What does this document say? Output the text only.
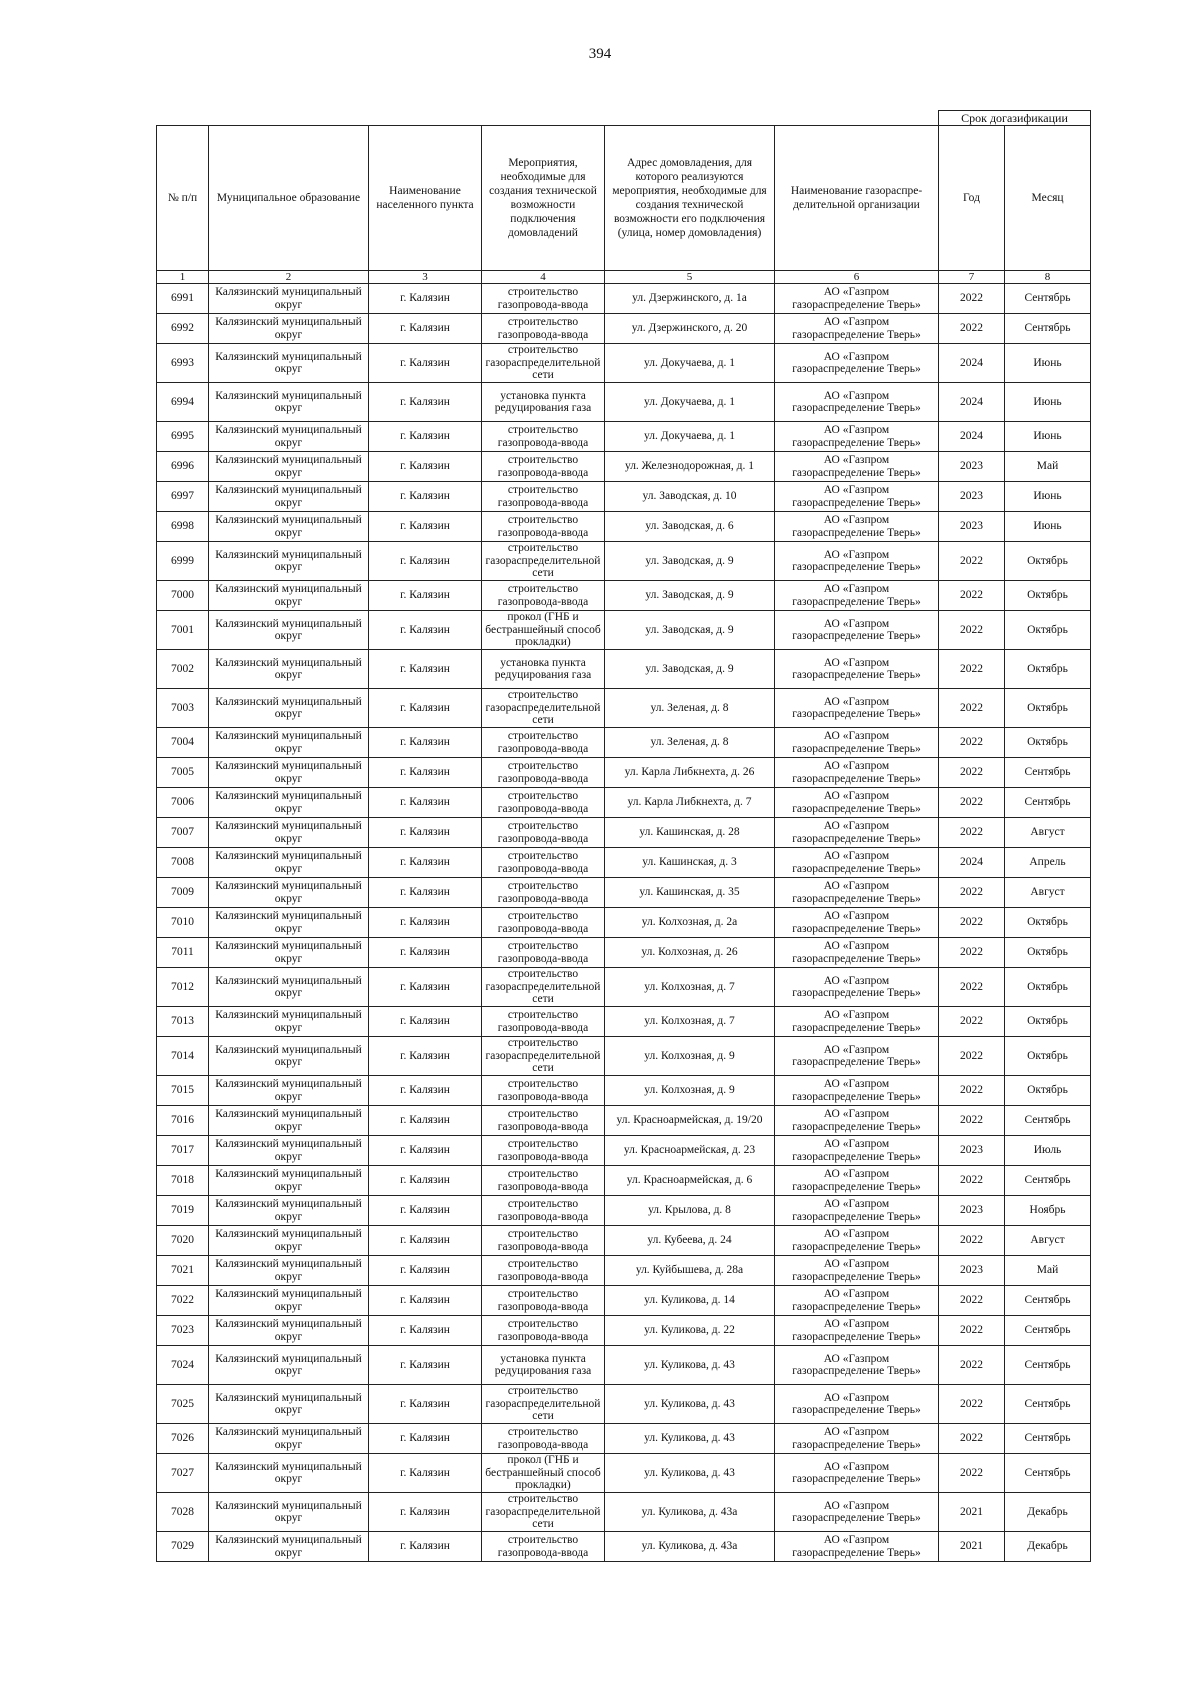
394
						Срок догазификации	
№ п/п	Муниципальное образование	Наименование населенного пункта	Мероприятия, необходимые для создания технической возможности подключения домовладений	Адрес домовладения, для которого реализуются мероприятия, необходимые для создания технической возможности его подключения (улица, номер домовладения)	Наименование газораспре-делительной организации	Год	Месяц
1	2	3	4	5	6	7	8
6991	Калязинский муниципальный округ	г. Калязин	строительство газопровода-ввода	ул. Дзержинского, д. 1а	АО «Газпром газораспределение Тверь»	2022	Сентябрь
6992	Калязинский муниципальный округ	г. Калязин	строительство газопровода-ввода	ул. Дзержинского, д. 20	АО «Газпром газораспределение Тверь»	2022	Сентябрь
6993	Калязинский муниципальный округ	г. Калязин	строительство газораспределительной сети	ул. Докучаева, д. 1	АО «Газпром газораспределение Тверь»	2024	Июнь
6994	Калязинский муниципальный округ	г. Калязин	установка пункта редуцирования газа	ул. Докучаева, д. 1	АО «Газпром газораспределение Тверь»	2024	Июнь
6995	Калязинский муниципальный округ	г. Калязин	строительство газопровода-ввода	ул. Докучаева, д. 1	АО «Газпром газораспределение Тверь»	2024	Июнь
6996	Калязинский муниципальный округ	г. Калязин	строительство газопровода-ввода	ул. Железнодорожная, д. 1	АО «Газпром газораспределение Тверь»	2023	Май
6997	Калязинский муниципальный округ	г. Калязин	строительство газопровода-ввода	ул. Заводская, д. 10	АО «Газпром газораспределение Тверь»	2023	Июнь
6998	Калязинский муниципальный округ	г. Калязин	строительство газопровода-ввода	ул. Заводская, д. 6	АО «Газпром газораспределение Тверь»	2023	Июнь
6999	Калязинский муниципальный округ	г. Калязин	строительство газораспределительной сети	ул. Заводская, д. 9	АО «Газпром газораспределение Тверь»	2022	Октябрь
7000	Калязинский муниципальный округ	г. Калязин	строительство газопровода-ввода	ул. Заводская, д. 9	АО «Газпром газораспределение Тверь»	2022	Октябрь
7001	Калязинский муниципальный округ	г. Калязин	прокол (ГНБ и бестраншейный способ прокладки)	ул. Заводская, д. 9	АО «Газпром газораспределение Тверь»	2022	Октябрь
7002	Калязинский муниципальный округ	г. Калязин	установка пункта редуцирования газа	ул. Заводская, д. 9	АО «Газпром газораспределение Тверь»	2022	Октябрь
7003	Калязинский муниципальный округ	г. Калязин	строительство газораспределительной сети	ул. Зеленая, д. 8	АО «Газпром газораспределение Тверь»	2022	Октябрь
7004	Калязинский муниципальный округ	г. Калязин	строительство газопровода-ввода	ул. Зеленая, д. 8	АО «Газпром газораспределение Тверь»	2022	Октябрь
7005	Калязинский муниципальный округ	г. Калязин	строительство газопровода-ввода	ул. Карла Либкнехта, д. 26	АО «Газпром газораспределение Тверь»	2022	Сентябрь
7006	Калязинский муниципальный округ	г. Калязин	строительство газопровода-ввода	ул. Карла Либкнехта, д. 7	АО «Газпром газораспределение Тверь»	2022	Сентябрь
7007	Калязинский муниципальный округ	г. Калязин	строительство газопровода-ввода	ул. Кашинская, д. 28	АО «Газпром газораспределение Тверь»	2022	Август
7008	Калязинский муниципальный округ	г. Калязин	строительство газопровода-ввода	ул. Кашинская, д. 3	АО «Газпром газораспределение Тверь»	2024	Апрель
7009	Калязинский муниципальный округ	г. Калязин	строительство газопровода-ввода	ул. Кашинская, д. 35	АО «Газпром газораспределение Тверь»	2022	Август
7010	Калязинский муниципальный округ	г. Калязин	строительство газопровода-ввода	ул. Колхозная, д. 2а	АО «Газпром газораспределение Тверь»	2022	Октябрь
7011	Калязинский муниципальный округ	г. Калязин	строительство газопровода-ввода	ул. Колхозная, д. 26	АО «Газпром газораспределение Тверь»	2022	Октябрь
7012	Калязинский муниципальный округ	г. Калязин	строительство газораспределительной сети	ул. Колхозная, д. 7	АО «Газпром газораспределение Тверь»	2022	Октябрь
7013	Калязинский муниципальный округ	г. Калязин	строительство газопровода-ввода	ул. Колхозная, д. 7	АО «Газпром газораспределение Тверь»	2022	Октябрь
7014	Калязинский муниципальный округ	г. Калязин	строительство газораспределительной сети	ул. Колхозная, д. 9	АО «Газпром газораспределение Тверь»	2022	Октябрь
7015	Калязинский муниципальный округ	г. Калязин	строительство газопровода-ввода	ул. Колхозная, д. 9	АО «Газпром газораспределение Тверь»	2022	Октябрь
7016	Калязинский муниципальный округ	г. Калязин	строительство газопровода-ввода	ул. Красноармейская, д. 19/20	АО «Газпром газораспределение Тверь»	2022	Сентябрь
7017	Калязинский муниципальный округ	г. Калязин	строительство газопровода-ввода	ул. Красноармейская, д. 23	АО «Газпром газораспределение Тверь»	2023	Июль
7018	Калязинский муниципальный округ	г. Калязин	строительство газопровода-ввода	ул. Красноармейская, д. 6	АО «Газпром газораспределение Тверь»	2022	Сентябрь
7019	Калязинский муниципальный округ	г. Калязин	строительство газопровода-ввода	ул. Крылова, д. 8	АО «Газпром газораспределение Тверь»	2023	Ноябрь
7020	Калязинский муниципальный округ	г. Калязин	строительство газопровода-ввода	ул. Кубеева, д. 24	АО «Газпром газораспределение Тверь»	2022	Август
7021	Калязинский муниципальный округ	г. Калязин	строительство газопровода-ввода	ул. Куйбышева, д. 28а	АО «Газпром газораспределение Тверь»	2023	Май
7022	Калязинский муниципальный округ	г. Калязин	строительство газопровода-ввода	ул. Куликова, д. 14	АО «Газпром газораспределение Тверь»	2022	Сентябрь
7023	Калязинский муниципальный округ	г. Калязин	строительство газопровода-ввода	ул. Куликова, д. 22	АО «Газпром газораспределение Тверь»	2022	Сентябрь
7024	Калязинский муниципальный округ	г. Калязин	установка пункта редуцирования газа	ул. Куликова, д. 43	АО «Газпром газораспределение Тверь»	2022	Сентябрь
7025	Калязинский муниципальный округ	г. Калязин	строительство газораспределительной сети	ул. Куликова, д. 43	АО «Газпром газораспределение Тверь»	2022	Сентябрь
7026	Калязинский муниципальный округ	г. Калязин	строительство газопровода-ввода	ул. Куликова, д. 43	АО «Газпром газораспределение Тверь»	2022	Сентябрь
7027	Калязинский муниципальный округ	г. Калязин	прокол (ГНБ и бестраншейный способ прокладки)	ул. Куликова, д. 43	АО «Газпром газораспределение Тверь»	2022	Сентябрь
7028	Калязинский муниципальный округ	г. Калязин	строительство газораспределительной сети	ул. Куликова, д. 43а	АО «Газпром газораспределение Тверь»	2021	Декабрь
7029	Калязинский муниципальный округ	г. Калязин	строительство газопровода-ввода	ул. Куликова, д. 43а	АО «Газпром газораспределение Тверь»	2021	Декабрь
